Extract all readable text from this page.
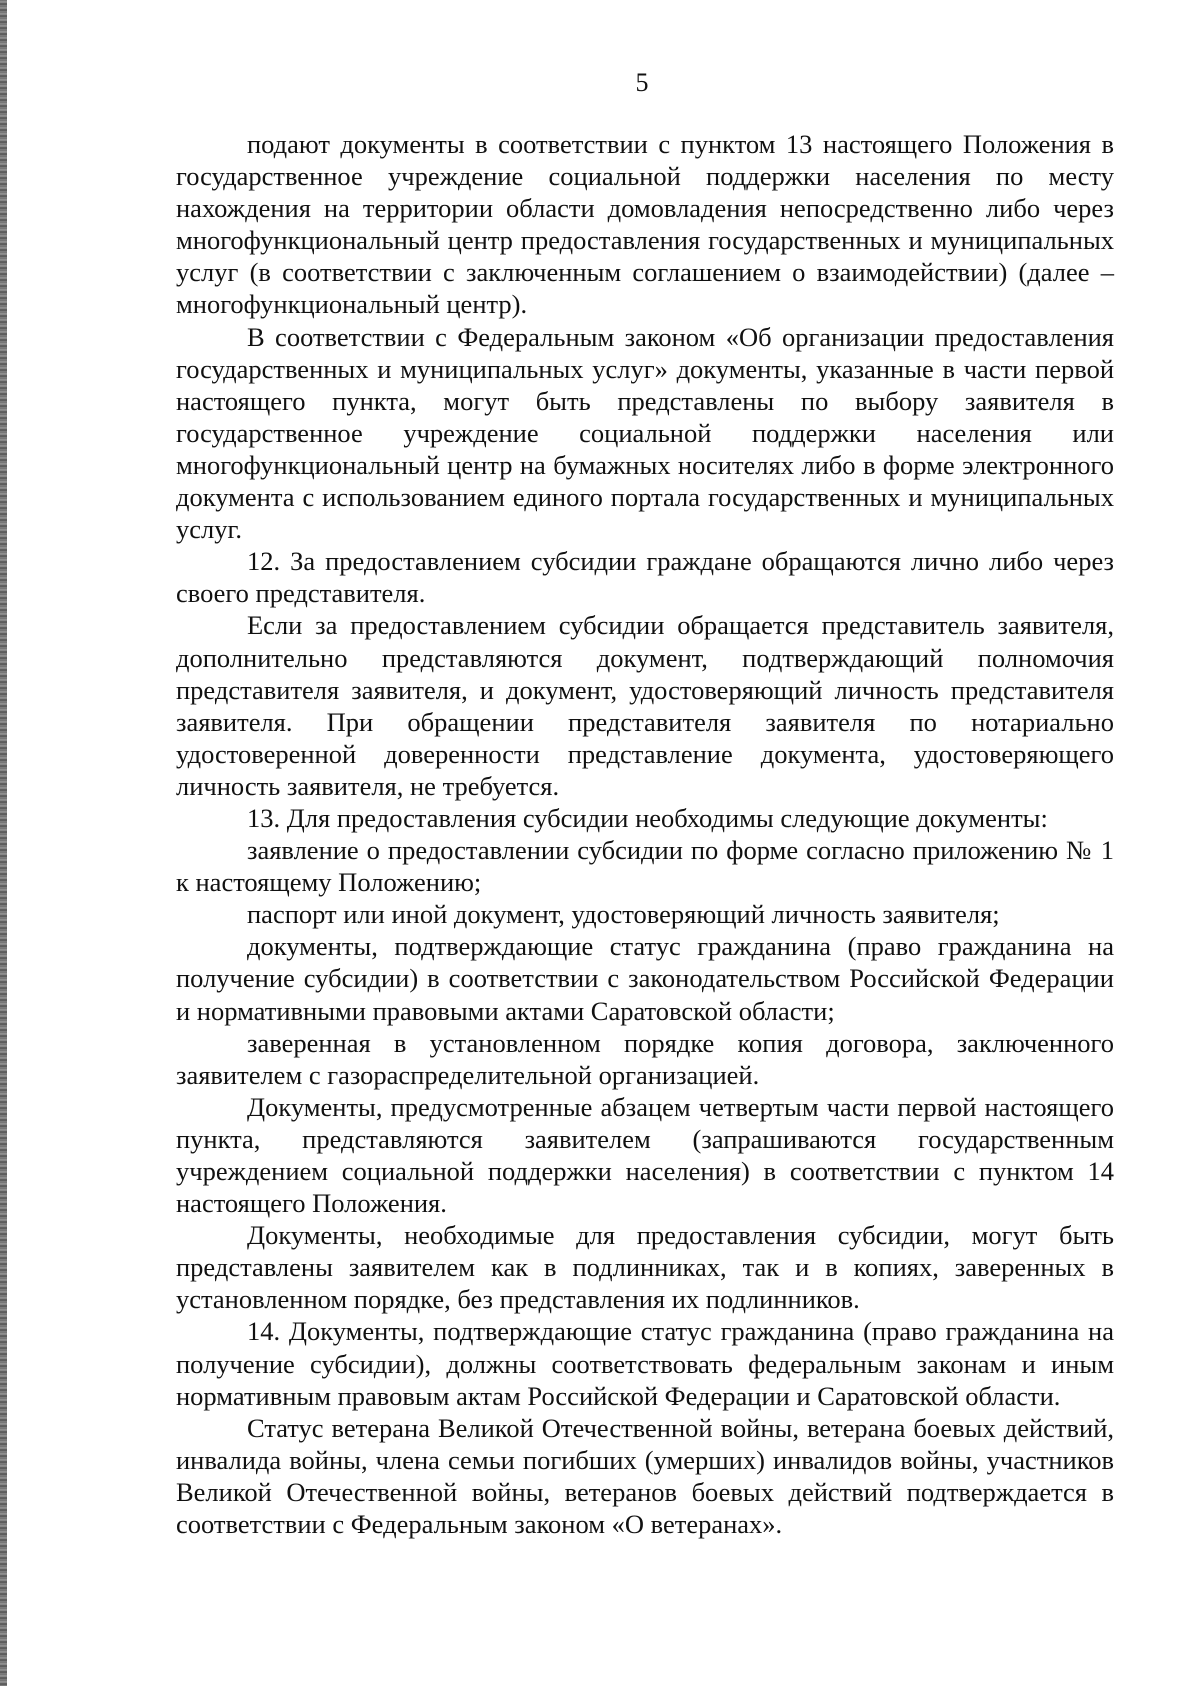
5

подают документы в соответствии с пунктом 13 настоящего Положения в государственное учреждение социальной поддержки населения по месту нахождения на территории области домовладения непосредственно либо через многофункциональный центр предоставления государственных и муниципальных услуг (в соответствии с заключенным соглашением о взаимодействии) (далее – многофункциональный центр).

В соответствии с Федеральным законом «Об организации предоставления государственных и муниципальных услуг» документы, указанные в части первой настоящего пункта, могут быть представлены по выбору заявителя в государственное учреждение социальной поддержки населения или многофункциональный центр на бумажных носителях либо в форме электронного документа с использованием единого портала государственных и муниципальных услуг.

12. За предоставлением субсидии граждане обращаются лично либо через своего представителя.

Если за предоставлением субсидии обращается представитель заявителя, дополнительно представляются документ, подтверждающий полномочия представителя заявителя, и документ, удостоверяющий личность представителя заявителя. При обращении представителя заявителя по нотариально удостоверенной доверенности представление документа, удостоверяющего личность заявителя, не требуется.

13. Для предоставления субсидии необходимы следующие документы:

заявление о предоставлении субсидии по форме согласно приложению № 1 к настоящему Положению;

паспорт или иной документ, удостоверяющий личность заявителя;

документы, подтверждающие статус гражданина (право гражданина на получение субсидии) в соответствии с законодательством Российской Федерации и нормативными правовыми актами Саратовской области;

заверенная в установленном порядке копия договора, заключенного заявителем с газораспределительной организацией.

Документы, предусмотренные абзацем четвертым части первой настоящего пункта, представляются заявителем (запрашиваются государственным учреждением социальной поддержки населения) в соответствии с пунктом 14 настоящего Положения.

Документы, необходимые для предоставления субсидии, могут быть представлены заявителем как в подлинниках, так и в копиях, заверенных в установленном порядке, без представления их подлинников.

14. Документы, подтверждающие статус гражданина (право гражданина на получение субсидии), должны соответствовать федеральным законам и иным нормативным правовым актам Российской Федерации и Саратовской области.

Статус ветерана Великой Отечественной войны, ветерана боевых действий, инвалида войны, члена семьи погибших (умерших) инвалидов войны, участников Великой Отечественной войны, ветеранов боевых действий подтверждается в соответствии с Федеральным законом «О ветеранах».
